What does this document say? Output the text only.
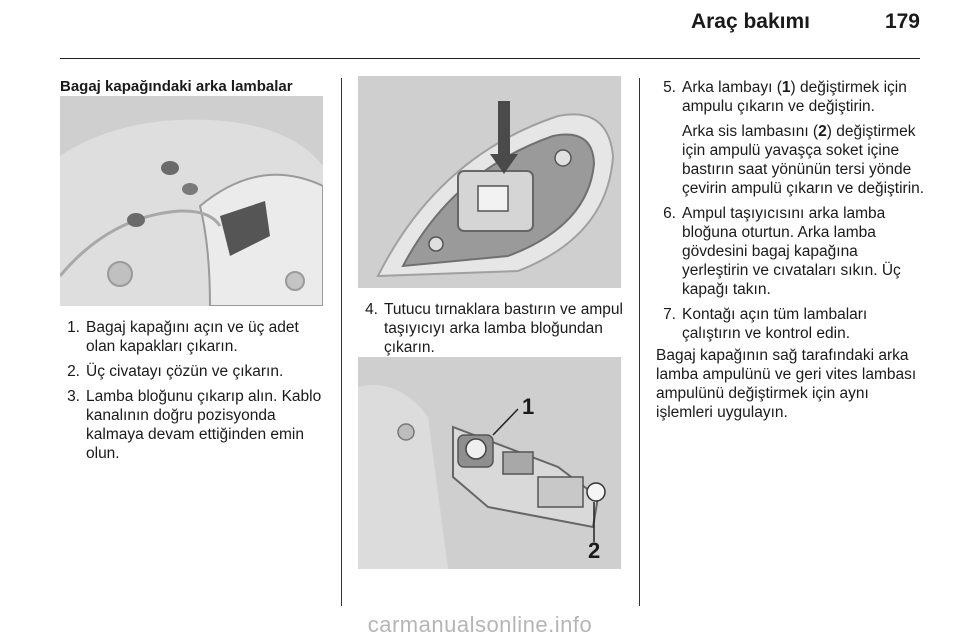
Araç bakımı	179
Bagaj kapağındaki arka lambalar
1. Bagaj kapağını açın ve üç adet olan kapakları çıkarın.
2. Üç civatayı çözün ve çıkarın.
3. Lamba bloğunu çıkarıp alın. Kablo kanalının doğru pozisyonda kalmaya devam ettiğinden emin olun.
4. Tutucu tırnaklara bastırın ve ampul taşıyıcıyı arka lamba bloğundan çıkarın.
1
2
5. Arka lambayı (1) değiştirmek için ampulu çıkarın ve değiştirin.
Arka sis lambasını (2) değiştirmek için ampulü yavaşça soket içine bastırın saat yönünün tersi yönde çevirin ampulü çıkarın ve değiştirin.
6. Ampul taşıyıcısını arka lamba bloğuna oturtun. Arka lamba gövdesini bagaj kapağına yerleştirin ve cıvataları sıkın. Üç kapağı takın.
7. Kontağı açın tüm lambaları çalıştırın ve kontrol edin.
Bagaj kapağının sağ tarafındaki arka lamba ampulünü ve geri vites lambası ampulünü değiştirmek için aynı işlemleri uygulayın.
carmanualsonline.info
